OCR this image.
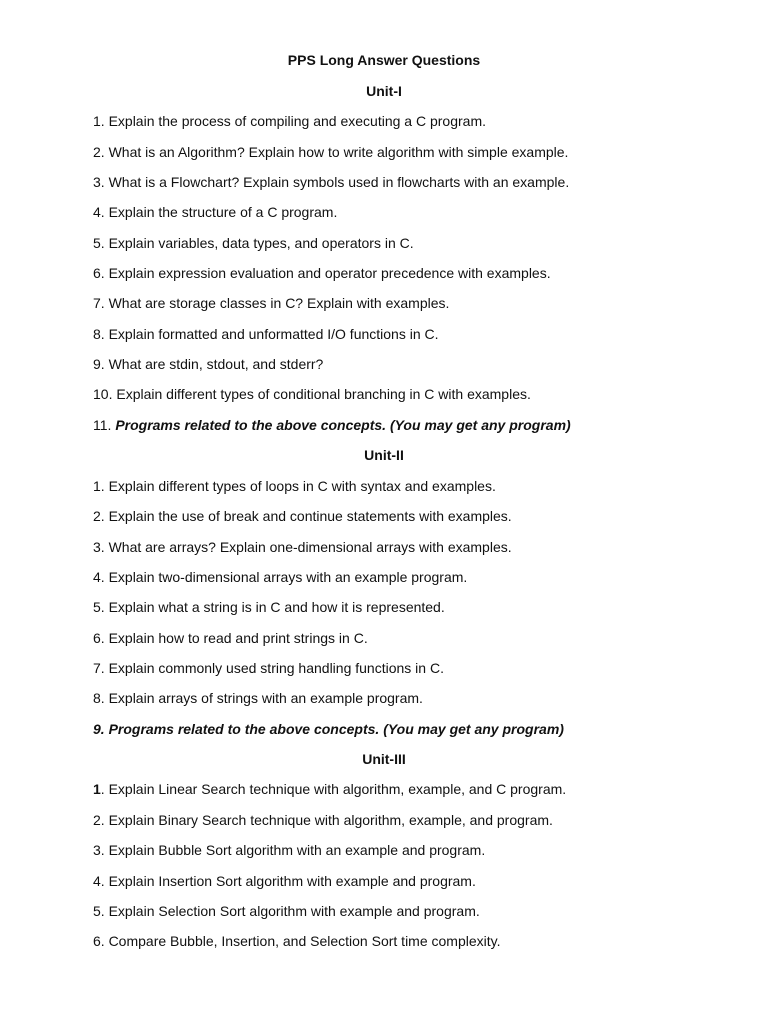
PPS Long Answer Questions
Unit-I
1. Explain the process of compiling and executing a C program.
2. What is an Algorithm? Explain how to write algorithm with simple example.
3. What is a Flowchart? Explain symbols used in flowcharts with an example.
4. Explain the structure of a C program.
5. Explain variables, data types, and operators in C.
6. Explain expression evaluation and operator precedence with examples.
7. What are storage classes in C? Explain with examples.
8. Explain formatted and unformatted I/O functions in C.
9. What are stdin, stdout, and stderr?
10. Explain different types of conditional branching in C with examples.
11. Programs related to the above concepts. (You may get any program)
Unit-II
1. Explain different types of loops in C with syntax and examples.
2. Explain the use of break and continue statements with examples.
3. What are arrays? Explain one-dimensional arrays with examples.
4. Explain two-dimensional arrays with an example program.
5. Explain what a string is in C and how it is represented.
6. Explain how to read and print strings in C.
7. Explain commonly used string handling functions in C.
8. Explain arrays of strings with an example program.
9. Programs related to the above concepts. (You may get any program)
Unit-III
1. Explain Linear Search technique with algorithm, example, and C program.
2. Explain Binary Search technique with algorithm, example, and program.
3. Explain Bubble Sort algorithm with an example and program.
4. Explain Insertion Sort algorithm with example and program.
5. Explain Selection Sort algorithm with example and program.
6. Compare Bubble, Insertion, and Selection Sort time complexity.
